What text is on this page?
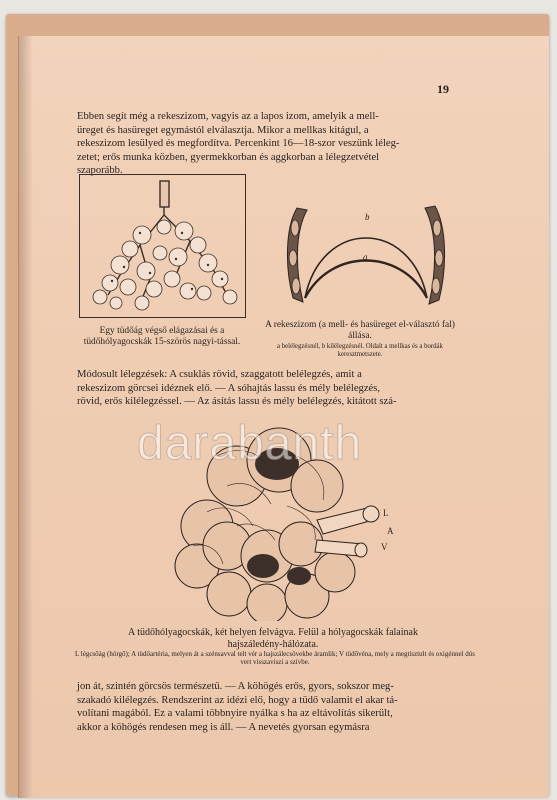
19
Ebben segít még a rekeszizom, vagyis az a lapos izom, amelyik a mell-
üreget és hasüreget egymástól elválasztja. Mikor a mellkas kitágul, a
rekeszizom lesülyed és megfordítva. Percenkint 16—18-szor veszünk léleg-
zetet; erős munka közben, gyermekkorban és aggkorban a lélegzetvétel
szaporább.
Egy tüdőág végső elágazásai és a tüdőhólyagocskák 15-szörös nagyi-tással.
b
a
A rekeszizom (a mell- és hasüreget el-választó fal) állása.
a belélegzésnél, b kilélegzésnél. Oldalt a mellkas és a bordák keresztmetszete.
Módosult lélegzések: A csuklás rövid, szaggatott belélegzés, amit a
rekeszizom görcsei idéznek elő. — A sóhajtás lassu és mély belélegzés,
rövid, erős kilélegzéssel. — Az ásítás lassu és mély belélegzés, kitátott szá-
L
A
V
A tüdőhólyagocskák, két helyen felvágva. Felül a hólyagocskák falainak hajszáledény-hálózata.
L légcsőág (hörgő); A tüdőartéria, melyen át a szénsavval telt vér a hajszálecsövekbe áramlik; V tüdővéna, mely a megtisztult és oxigénnel dús vert visszaviszi a szívbe.
jon át, szintén görcsös természetű. — A köhögés erős, gyors, sokszor meg-
szakadó kilélegzés. Rendszerint az idézi elő, hogy a tüdő valamit el akar tá-
volítani magából. Ez a valami többnyire nyálka s ha az eltávolítás sikerült,
akkor a köhögés rendesen meg is áll. — A nevetés gyorsan egymásra
darabanth
